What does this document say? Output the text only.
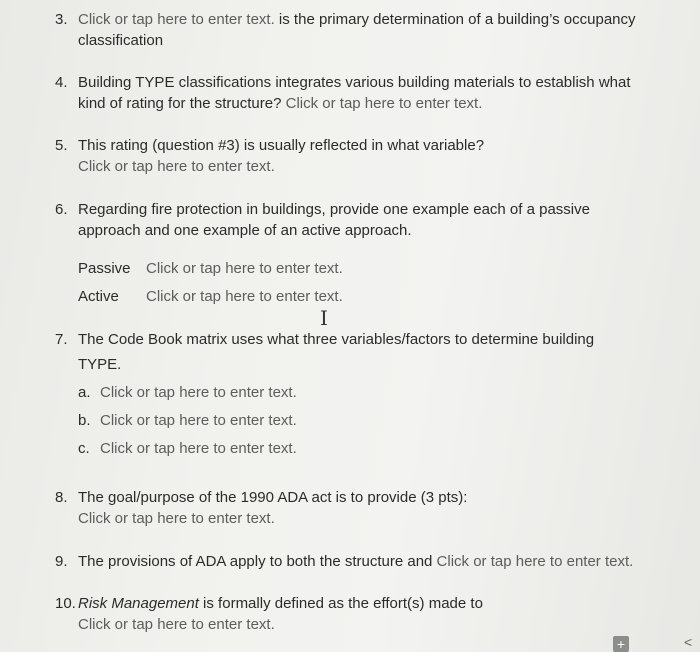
3. Click or tap here to enter text. is the primary determination of a building’s occupancy
classification
4. Building TYPE classifications integrates various building materials to establish what
kind of rating for the structure? Click or tap here to enter text.
5. This rating (question #3) is usually reflected in what variable?
Click or tap here to enter text.
6. Regarding fire protection in buildings, provide one example each of a passive
approach and one example of an active approach.
Passive Click or tap here to enter text.
Active Click or tap here to enter text.
I
7. The Code Book matrix uses what three variables/factors to determine building
TYPE.
a. Click or tap here to enter text.
b. Click or tap here to enter text.
c. Click or tap here to enter text.
8. The goal/purpose of the 1990 ADA act is to provide (3 pts):
Click or tap here to enter text.
9. The provisions of ADA apply to both the structure and Click or tap here to enter text.
10. Risk Management is formally defined as the effort(s) made to
Click or tap here to enter text.
+	<
